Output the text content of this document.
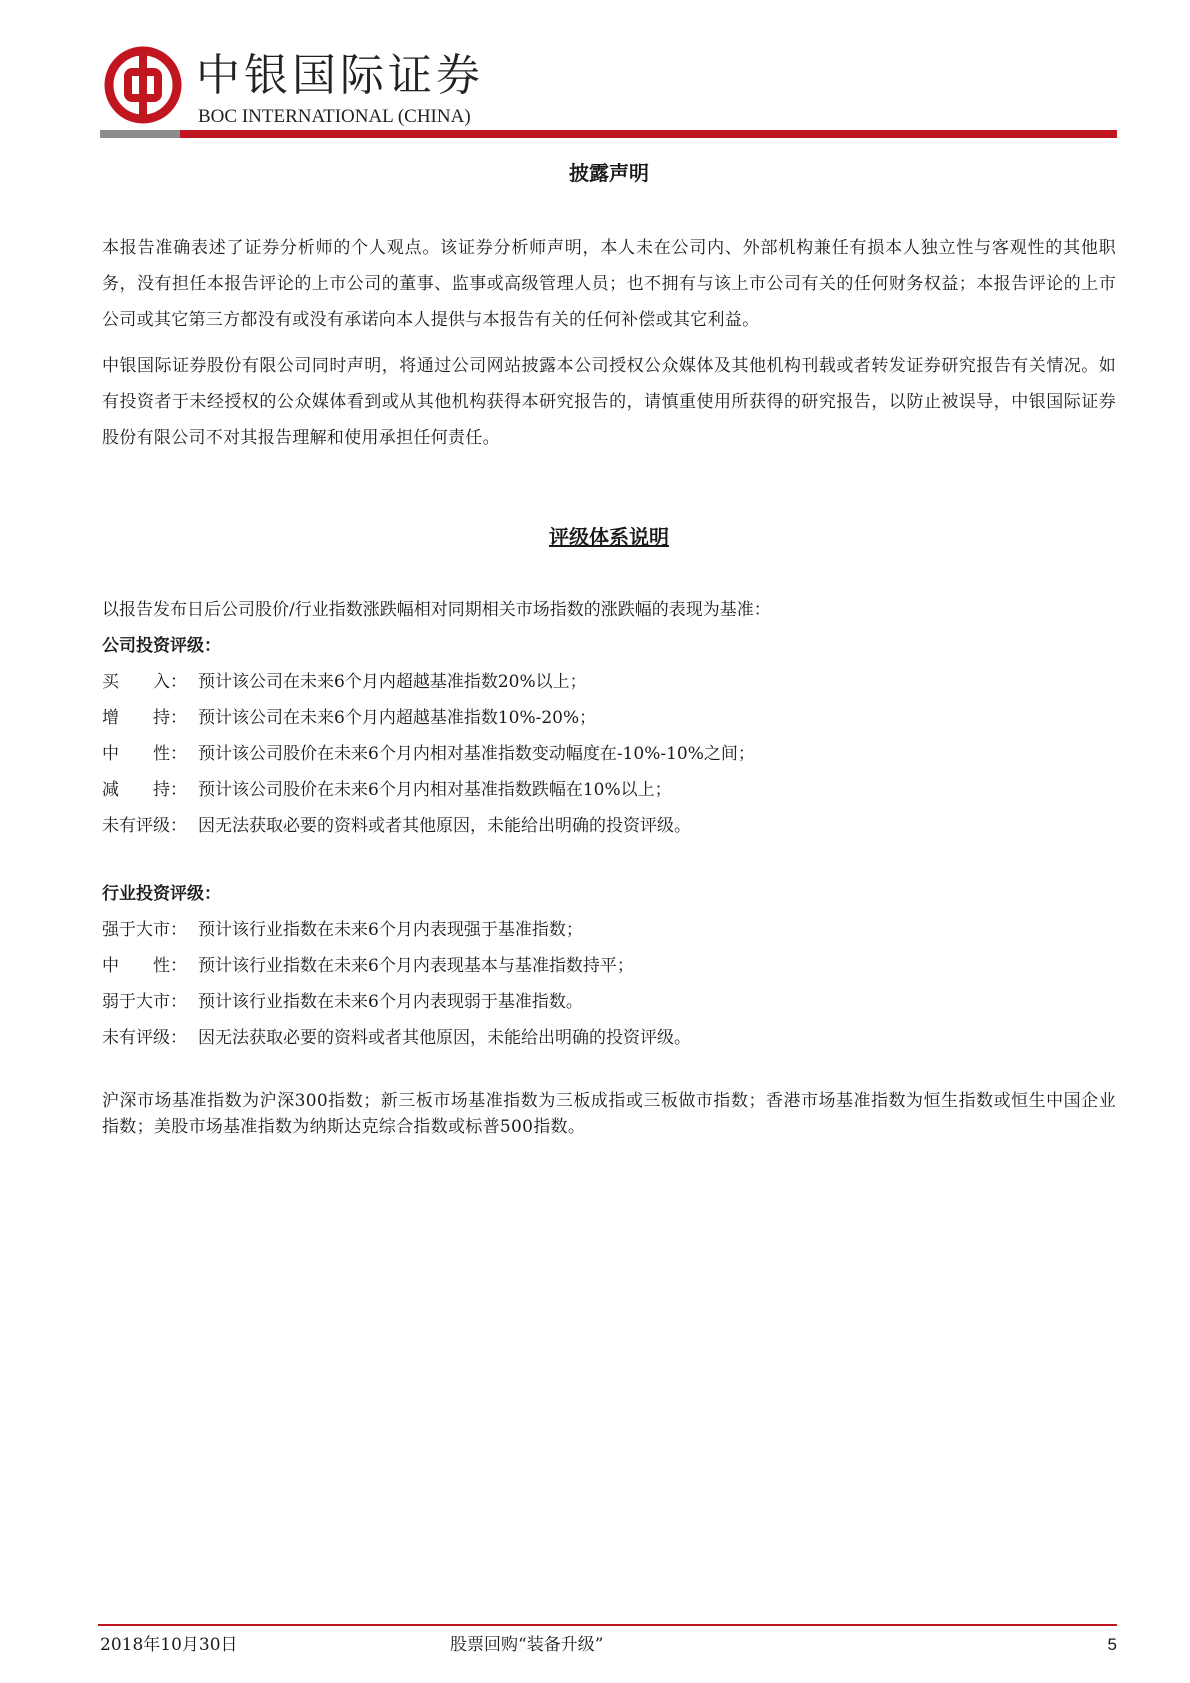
中银国际证券
BOC INTERNATIONAL (CHINA)
披露声明

本报告准确表述了证券分析师的个人观点。该证券分析师声明，本人未在公司内、外部机构兼任有损本人独立性与客观性的其他职务，没有担任本报告评论的上市公司的董事、监事或高级管理人员；也不拥有与该上市公司有关的任何财务权益；本报告评论的上市公司或其它第三方都没有或没有承诺向本人提供与本报告有关的任何补偿或其它利益。

中银国际证券股份有限公司同时声明，将通过公司网站披露本公司授权公众媒体及其他机构刊载或者转发证券研究报告有关情况。如有投资者于未经授权的公众媒体看到或从其他机构获得本研究报告的，请慎重使用所获得的研究报告，以防止被误导，中银国际证券股份有限公司不对其报告理解和使用承担任何责任。

评级体系说明

以报告发布日后公司股价/行业指数涨跌幅相对同期相关市场指数的涨跌幅的表现为基准：

公司投资评级：

买　　入： 预计该公司在未来6个月内超越基准指数20%以上；

增　　持： 预计该公司在未来6个月内超越基准指数10%-20%；

中　　性： 预计该公司股价在未来6个月内相对基准指数变动幅度在-10%-10%之间；

减　　持： 预计该公司股价在未来6个月内相对基准指数跌幅在10%以上；

未有评级： 因无法获取必要的资料或者其他原因，未能给出明确的投资评级。

行业投资评级：

强于大市： 预计该行业指数在未来6个月内表现强于基准指数；

中　　性： 预计该行业指数在未来6个月内表现基本与基准指数持平；

弱于大市： 预计该行业指数在未来6个月内表现弱于基准指数。

未有评级： 因无法获取必要的资料或者其他原因，未能给出明确的投资评级。

沪深市场基准指数为沪深300指数；新三板市场基准指数为三板成指或三板做市指数；香港市场基准指数为恒生指数或恒生中国企业指数；美股市场基准指数为纳斯达克综合指数或标普500指数。

2018年10月30日	股票回购“装备升级”	5
